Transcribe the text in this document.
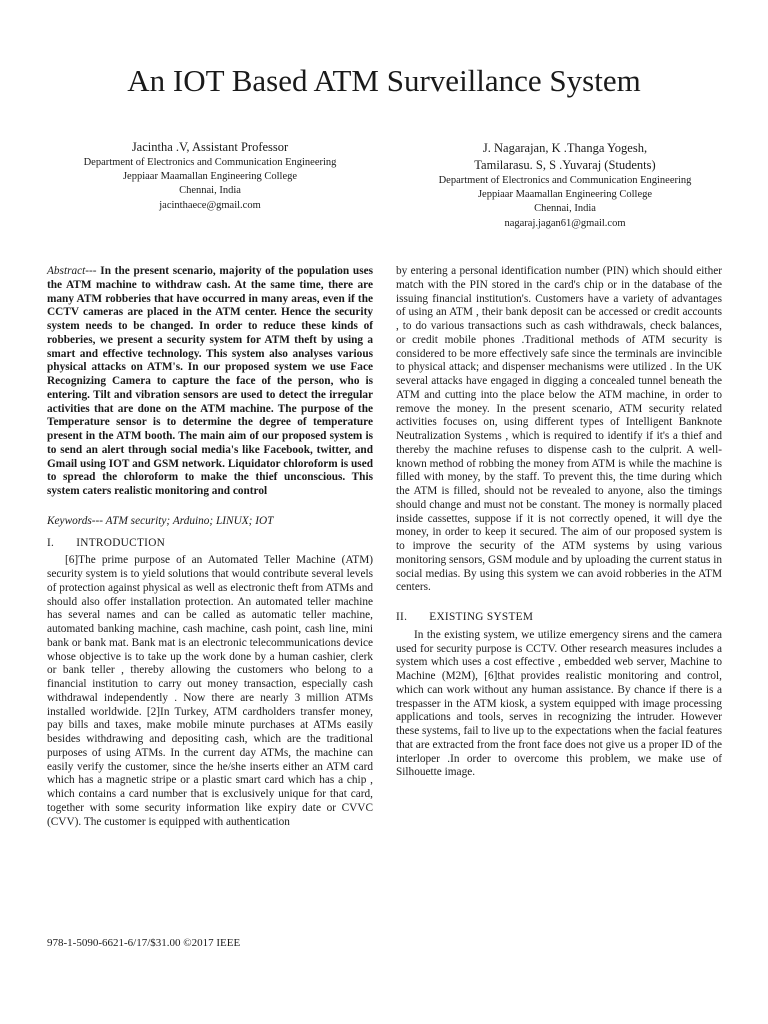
An IOT Based ATM Surveillance System
Jacintha .V, Assistant Professor
Department of Electronics and Communication Engineering
Jeppiaar Maamallan Engineering College
Chennai, India
jacinthaece@gmail.com
J. Nagarajan, K .Thanga Yogesh,
Tamilarasu. S, S .Yuvaraj (Students)
Department of Electronics and Communication Engineering
Jeppiaar Maamallan Engineering College
Chennai, India
nagaraj.jagan61@gmail.com

Abstract--- In the present scenario, majority of the population uses the ATM machine to withdraw cash. At the same time, there are many ATM robberies that have occurred in many areas, even if the CCTV cameras are placed in the ATM center. Hence the security system needs to be changed. In order to reduce these kinds of robberies, we present a security system for ATM theft by using a smart and effective technology. This system also analyses various physical attacks on ATM's. In our proposed system we use Face Recognizing Camera to capture the face of the person, who is entering. Tilt and vibration sensors are used to detect the irregular activities that are done on the ATM machine. The purpose of the Temperature sensor is to determine the degree of temperature present in the ATM booth. The main aim of our proposed system is to send an alert through social media's like Facebook, twitter, and Gmail using IOT and GSM network. Liquidator chloroform is used to spread the chloroform to make the thief unconscious. This system caters realistic monitoring and control

Keywords--- ATM security; Arduino; LINUX; IOT

I. INTRODUCTION

[6]The prime purpose of an Automated Teller Machine (ATM) security system is to yield solutions that would contribute several levels of protection against physical as well as electronic theft from ATMs and should also offer installation protection. An automated teller machine has several names and can be called as automatic teller machine, automated banking machine, cash machine, cash point, cash line, mini bank or bank mat. Bank mat is an electronic telecommunications device whose objective is to take up the work done by a human cashier, clerk or bank teller , thereby allowing the customers who belong to a financial institution to carry out money transaction, especially cash withdrawal independently . Now there are nearly 3 million ATMs installed worldwide. [2]In Turkey, ATM cardholders transfer money, pay bills and taxes, make mobile minute purchases at ATMs easily besides withdrawing and depositing cash, which are the traditional purposes of using ATMs. In the current day ATMs, the machine can easily verify the customer, since the he/she inserts either an ATM card which has a magnetic stripe or a plastic smart card which has a chip , which contains a card number that is exclusively unique for that card, together with some security information like expiry date or CVVC (CVV). The customer is equipped with authentication

by entering a personal identification number (PIN) which should either match with the PIN stored in the card's chip or in the database of the issuing financial institution's. Customers have a variety of advantages of using an ATM , their bank deposit can be accessed or credit accounts , to do various transactions such as cash withdrawals, check balances, or credit mobile phones .Traditional methods of ATM security is considered to be more effectively safe since the terminals are invincible to physical attack; and dispenser mechanisms were utilized . In the UK several attacks have engaged in digging a concealed tunnel beneath the ATM and cutting into the place below the ATM machine, in order to remove the money. In the present scenario, ATM security related activities focuses on, using different types of Intelligent Banknote Neutralization Systems , which is required to identify if it's a thief and thereby the machine refuses to dispense cash to the culprit. A well-known method of robbing the money from ATM is while the machine is filled with money, by the staff. To prevent this, the time during which the ATM is filled, should not be revealed to anyone, also the timings should change and must not be constant. The money is normally placed inside cassettes, suppose if it is not correctly opened, it will dye the money, in order to keep it secured. The aim of our proposed system is to improve the security of the ATM systems by using various monitoring sensors, GSM module and by uploading the current status in social medias. By using this system we can avoid robberies in the ATM centers.

II. EXISTING SYSTEM

In the existing system, we utilize emergency sirens and the camera used for security purpose is CCTV. Other research measures includes a system which uses a cost effective , embedded web server, Machine to Machine (M2M), [6]that provides realistic monitoring and control, which can work without any human assistance. By chance if there is a trespasser in the ATM kiosk, a system equipped with image processing applications and tools, serves in recognizing the intruder. However these systems, fail to live up to the expectations when the facial features that are extracted from the front face does not give us a proper ID of the interloper .In order to overcome this problem, we make use of Silhouette image.

978-1-5090-6621-6/17/$31.00 ©2017 IEEE
